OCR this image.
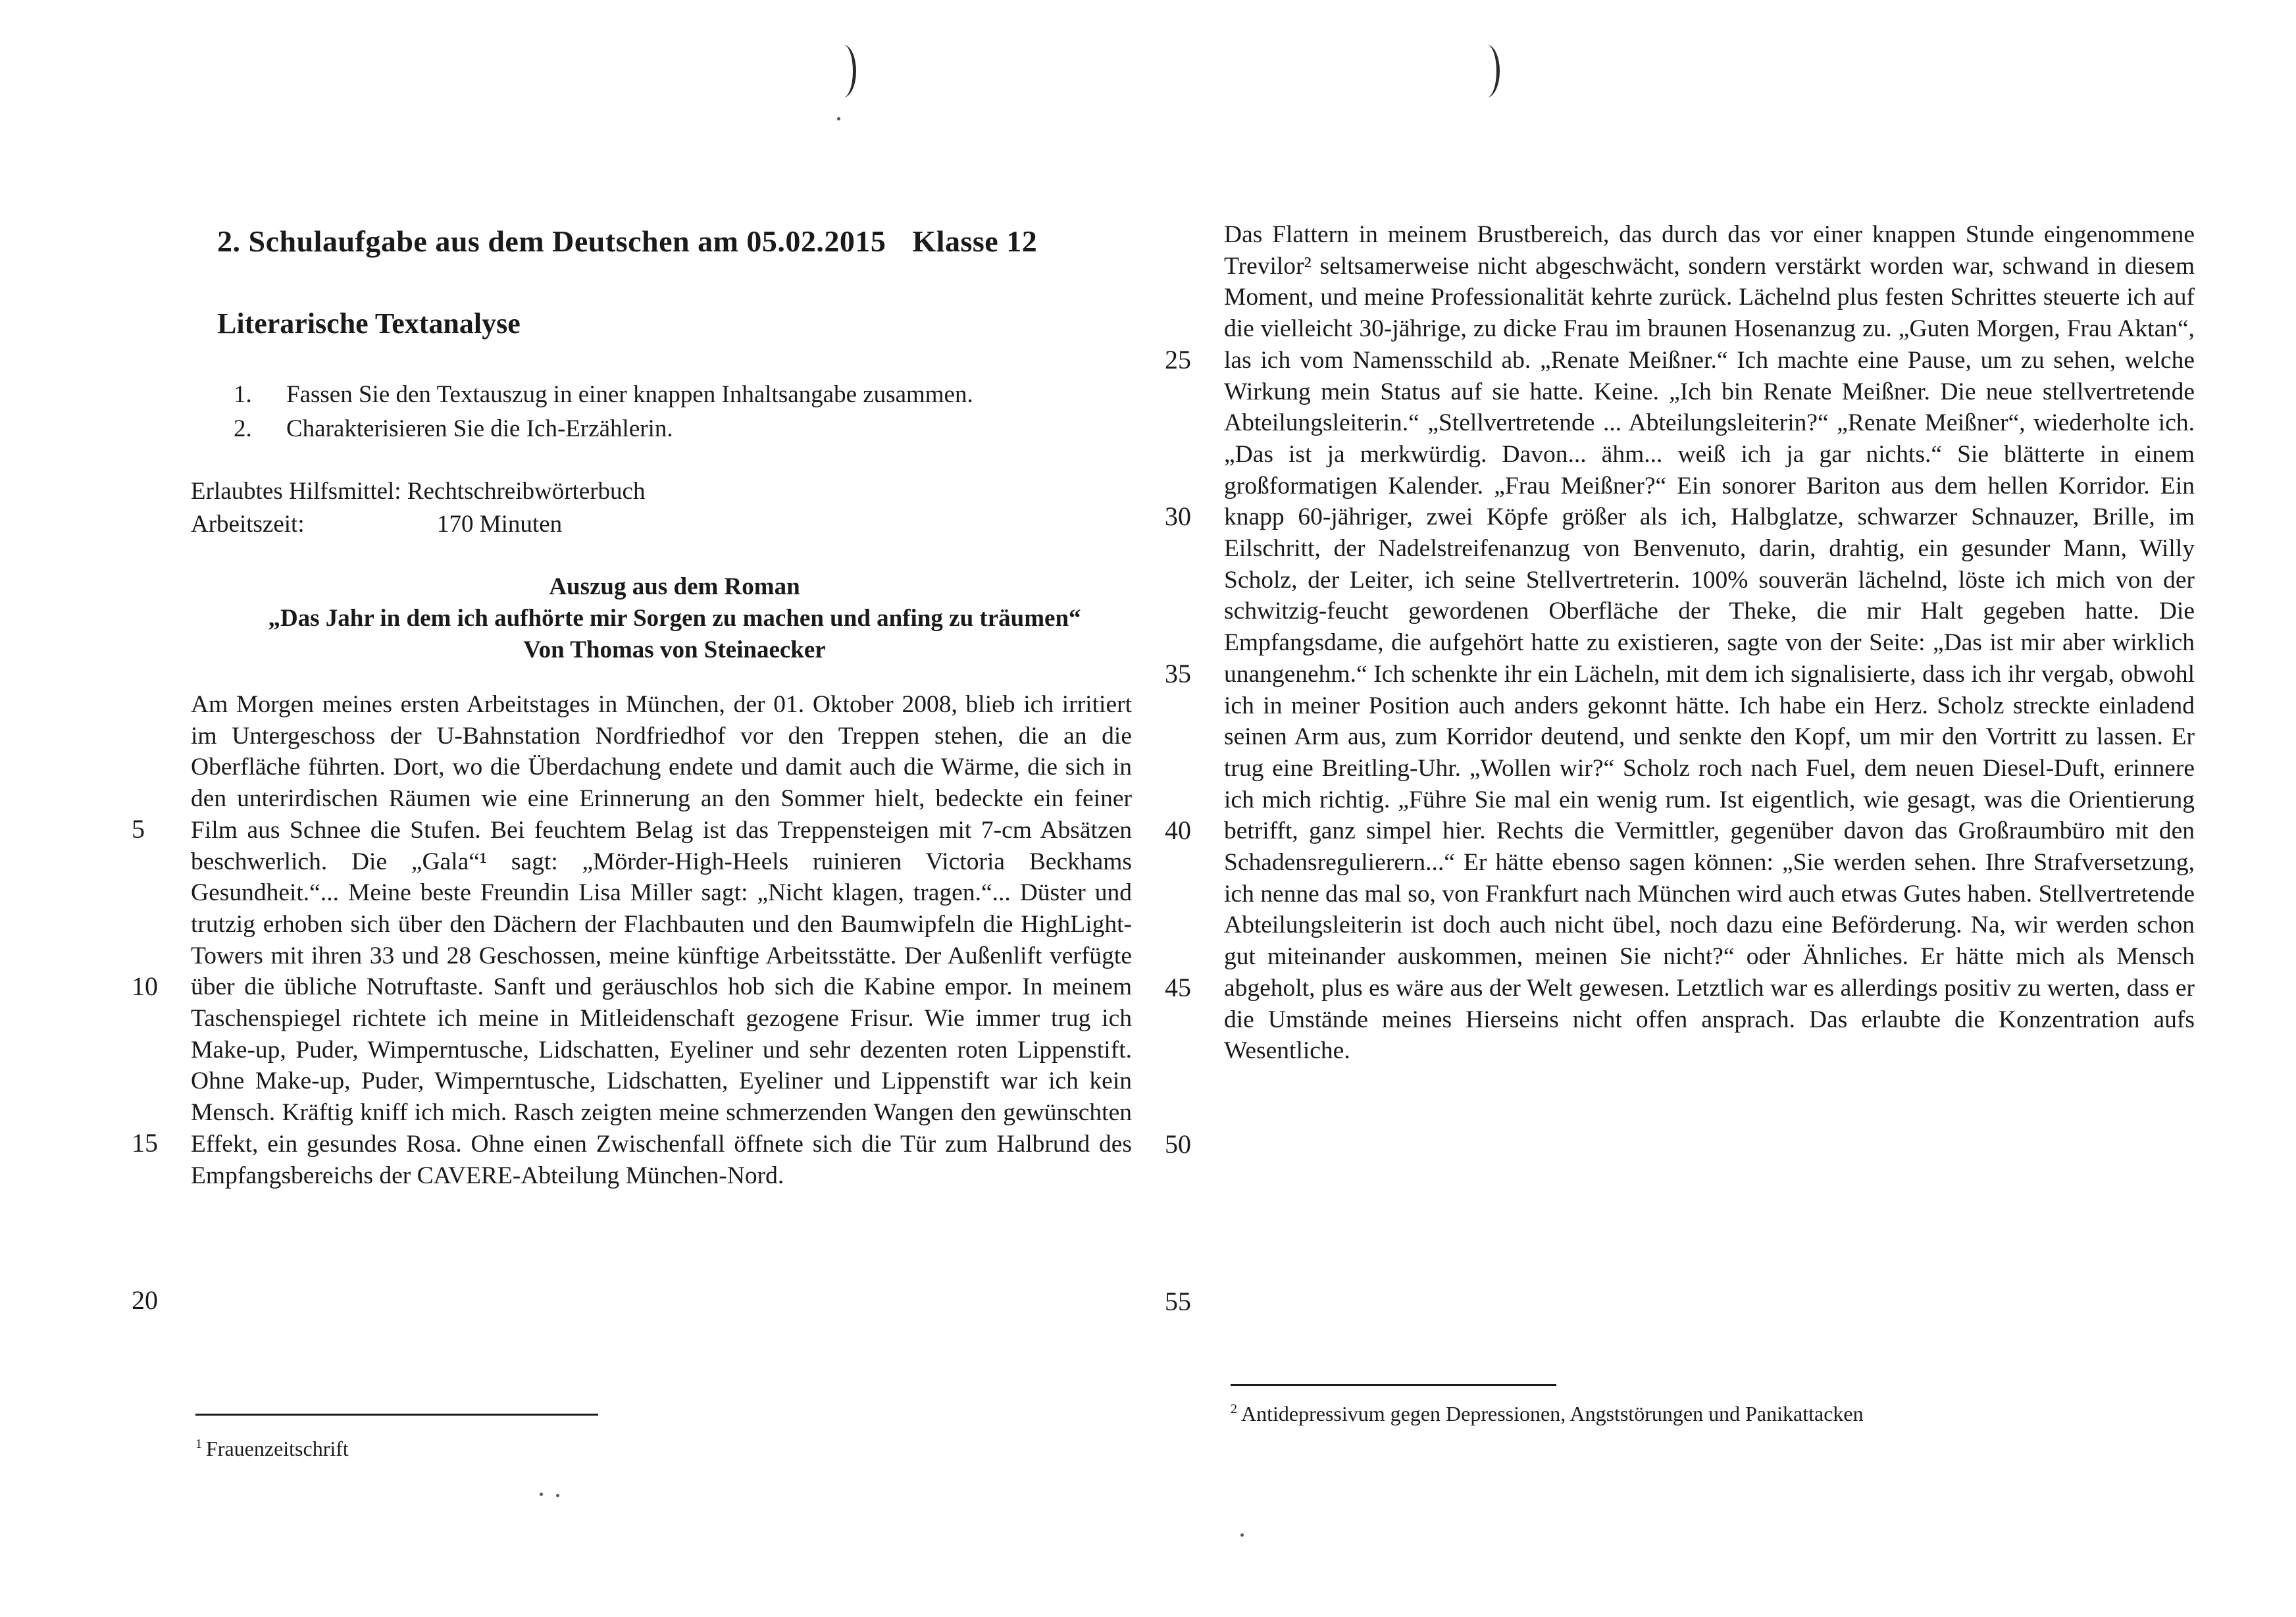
2. Schulaufgabe aus dem Deutschen am 05.02.2015 Klasse 12
Literarische Textanalyse
1. Fassen Sie den Textauszug in einer knappen Inhaltsangabe zusammen.
2. Charakterisieren Sie die Ich-Erzählerin.
Erlaubtes Hilfsmittel: Rechtschreibwörterbuch
Arbeitszeit:	170 Minuten
Auszug aus dem Roman
„Das Jahr in dem ich aufhörte mir Sorgen zu machen und anfing zu träumen“
Von Thomas von Steinaecker
5
10
15
20
Am Morgen meines ersten Arbeitstages in München, der 01. Oktober 2008, blieb ich irritiert im Untergeschoss der U-Bahnstation Nordfriedhof vor den Treppen stehen, die an die Oberfläche führten. Dort, wo die Überdachung endete und damit auch die Wärme, die sich in den unterirdischen Räumen wie eine Erinnerung an den Sommer hielt, bedeckte ein feiner Film aus Schnee die Stufen. Bei feuchtem Belag ist das Treppensteigen mit 7-cm Absätzen beschwerlich. Die „Gala“¹ sagt: „Mörder-High-Heels ruinieren Victoria Beckhams Gesundheit.“... Meine beste Freundin Lisa Miller sagt: „Nicht klagen, tragen.“... Düster und trutzig erhoben sich über den Dächern der Flachbauten und den Baumwipfeln die HighLight-Towers mit ihren 33 und 28 Geschossen, meine künftige Arbeitsstätte. Der Außenlift verfügte über die übliche Notruftaste. Sanft und geräuschlos hob sich die Kabine empor. In meinem Taschenspiegel richtete ich meine in Mitleidenschaft gezogene Frisur. Wie immer trug ich Make-up, Puder, Wimperntusche, Lidschatten, Eyeliner und sehr dezenten roten Lippenstift. Ohne Make-up, Puder, Wimperntusche, Lidschatten, Eyeliner und Lippenstift war ich kein Mensch. Kräftig kniff ich mich. Rasch zeigten meine schmerzenden Wangen den gewünschten Effekt, ein gesundes Rosa. Ohne einen Zwischenfall öffnete sich die Tür zum Halbrund des Empfangsbereichs der CAVERE-Abteilung München-Nord.
$^1$ Frauenzeitschrift
25
30
35
40
45
50
55
Das Flattern in meinem Brustbereich, das durch das vor einer knappen Stunde eingenommene Trevilor² seltsamerweise nicht abgeschwächt, sondern verstärkt worden war, schwand in diesem Moment, und meine Professionalität kehrte zurück. Lächelnd plus festen Schrittes steuerte ich auf die vielleicht 30-jährige, zu dicke Frau im braunen Hosenanzug zu. „Guten Morgen, Frau Aktan“, las ich vom Namensschild ab. „Renate Meißner.“ Ich machte eine Pause, um zu sehen, welche Wirkung mein Status auf sie hatte. Keine. „Ich bin Renate Meißner. Die neue stellvertretende Abteilungsleiterin.“ „Stellvertretende ... Abteilungsleiterin?“ „Renate Meißner“, wiederholte ich. „Das ist ja merkwürdig. Davon... ähm... weiß ich ja gar nichts.“ Sie blätterte in einem großformatigen Kalender. „Frau Meißner?“ Ein sonorer Bariton aus dem hellen Korridor. Ein knapp 60-jähriger, zwei Köpfe größer als ich, Halbglatze, schwarzer Schnauzer, Brille, im Eilschritt, der Nadelstreifenanzug von Benvenuto, darin, drahtig, ein gesunder Mann, Willy Scholz, der Leiter, ich seine Stellvertreterin. 100% souverän lächelnd, löste ich mich von der schwitzig-feucht gewordenen Oberfläche der Theke, die mir Halt gegeben hatte. Die Empfangsdame, die aufgehört hatte zu existieren, sagte von der Seite: „Das ist mir aber wirklich unangenehm.“ Ich schenkte ihr ein Lächeln, mit dem ich signalisierte, dass ich ihr vergab, obwohl ich in meiner Position auch anders gekonnt hätte. Ich habe ein Herz. Scholz streckte einladend seinen Arm aus, zum Korridor deutend, und senkte den Kopf, um mir den Vortritt zu lassen. Er trug eine Breitling-Uhr. „Wollen wir?“ Scholz roch nach Fuel, dem neuen Diesel-Duft, erinnere ich mich richtig. „Führe Sie mal ein wenig rum. Ist eigentlich, wie gesagt, was die Orientierung betrifft, ganz simpel hier. Rechts die Vermittler, gegenüber davon das Großraumbüro mit den Schadensregulierern...“ Er hätte ebenso sagen können: „Sie werden sehen. Ihre Strafversetzung, ich nenne das mal so, von Frankfurt nach München wird auch etwas Gutes haben. Stellvertretende Abteilungsleiterin ist doch auch nicht übel, noch dazu eine Beförderung. Na, wir werden schon gut miteinander auskommen, meinen Sie nicht?“ oder Ähnliches. Er hätte mich als Mensch abgeholt, plus es wäre aus der Welt gewesen. Letztlich war es allerdings positiv zu werten, dass er die Umstände meines Hierseins nicht offen ansprach. Das erlaubte die Konzentration aufs Wesentliche.
$^2$ Antidepressivum gegen Depressionen, Angststörungen und Panikattacken
